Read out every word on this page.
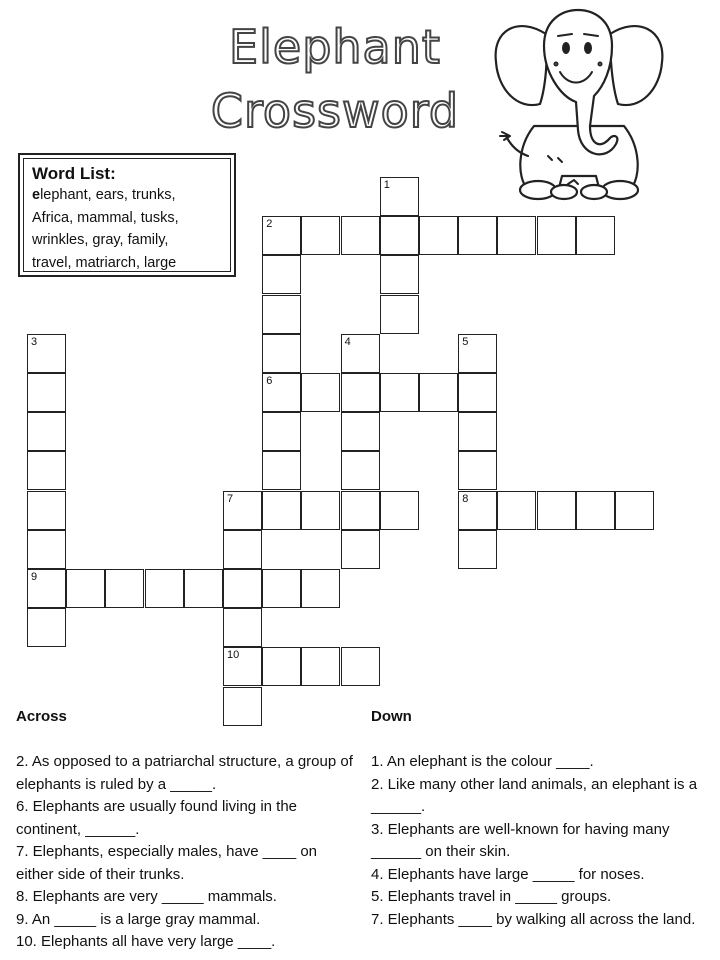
Elephant
Crossword
Word List:
elephant, ears, trunks,
Africa, mammal, tusks,
wrinkles, gray, family,
travel, matriarch, large
2
6
7	8
9
10
1
3	4	5
Across	Down
2. As opposed to a patriarchal structure, a group of elephants is ruled by a _____.
6. Elephants are usually found living in the continent, ______.
7. Elephants, especially males, have ____ on either side of their trunks.
8. Elephants are very _____ mammals.
9. An _____ is a large gray mammal.
10. Elephants all have very large ____.
1. An elephant is the colour ____.
2. Like many other land animals, an elephant is a ______.
3. Elephants are well-known for having many ______ on their skin.
4. Elephants have large _____ for noses.
5. Elephants travel in _____ groups.
7. Elephants ____ by walking all across the land.
